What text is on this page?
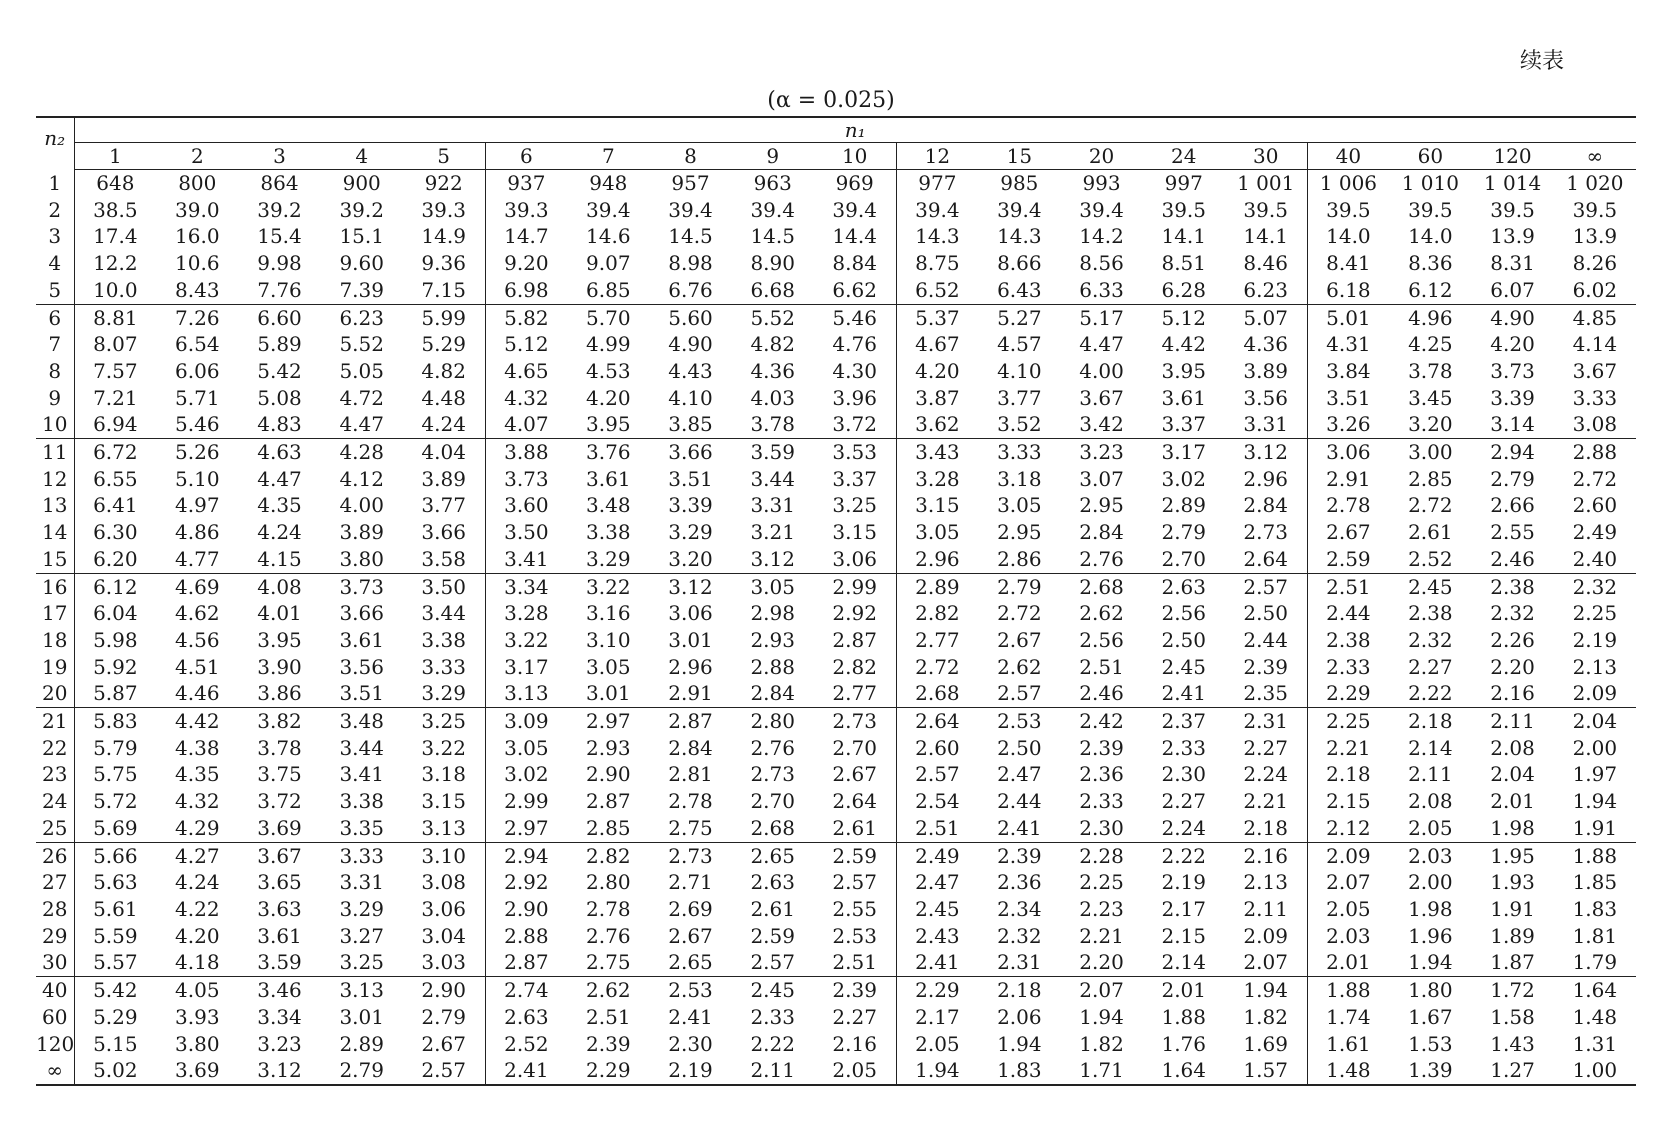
续表
(α = 0.025)
n₂	n₁																		
	1	2	3	4	5	6	7	8	9	10	12	15	20	24	30	40	60	120	∞
1	648	800	864	900	922	937	948	957	963	969	977	985	993	997	1 001	1 006	1 010	1 014	1 020
2	38.5	39.0	39.2	39.2	39.3	39.3	39.4	39.4	39.4	39.4	39.4	39.4	39.4	39.5	39.5	39.5	39.5	39.5	39.5
3	17.4	16.0	15.4	15.1	14.9	14.7	14.6	14.5	14.5	14.4	14.3	14.3	14.2	14.1	14.1	14.0	14.0	13.9	13.9
4	12.2	10.6	9.98	9.60	9.36	9.20	9.07	8.98	8.90	8.84	8.75	8.66	8.56	8.51	8.46	8.41	8.36	8.31	8.26
5	10.0	8.43	7.76	7.39	7.15	6.98	6.85	6.76	6.68	6.62	6.52	6.43	6.33	6.28	6.23	6.18	6.12	6.07	6.02
6	8.81	7.26	6.60	6.23	5.99	5.82	5.70	5.60	5.52	5.46	5.37	5.27	5.17	5.12	5.07	5.01	4.96	4.90	4.85
7	8.07	6.54	5.89	5.52	5.29	5.12	4.99	4.90	4.82	4.76	4.67	4.57	4.47	4.42	4.36	4.31	4.25	4.20	4.14
8	7.57	6.06	5.42	5.05	4.82	4.65	4.53	4.43	4.36	4.30	4.20	4.10	4.00	3.95	3.89	3.84	3.78	3.73	3.67
9	7.21	5.71	5.08	4.72	4.48	4.32	4.20	4.10	4.03	3.96	3.87	3.77	3.67	3.61	3.56	3.51	3.45	3.39	3.33
10	6.94	5.46	4.83	4.47	4.24	4.07	3.95	3.85	3.78	3.72	3.62	3.52	3.42	3.37	3.31	3.26	3.20	3.14	3.08
11	6.72	5.26	4.63	4.28	4.04	3.88	3.76	3.66	3.59	3.53	3.43	3.33	3.23	3.17	3.12	3.06	3.00	2.94	2.88
12	6.55	5.10	4.47	4.12	3.89	3.73	3.61	3.51	3.44	3.37	3.28	3.18	3.07	3.02	2.96	2.91	2.85	2.79	2.72
13	6.41	4.97	4.35	4.00	3.77	3.60	3.48	3.39	3.31	3.25	3.15	3.05	2.95	2.89	2.84	2.78	2.72	2.66	2.60
14	6.30	4.86	4.24	3.89	3.66	3.50	3.38	3.29	3.21	3.15	3.05	2.95	2.84	2.79	2.73	2.67	2.61	2.55	2.49
15	6.20	4.77	4.15	3.80	3.58	3.41	3.29	3.20	3.12	3.06	2.96	2.86	2.76	2.70	2.64	2.59	2.52	2.46	2.40
16	6.12	4.69	4.08	3.73	3.50	3.34	3.22	3.12	3.05	2.99	2.89	2.79	2.68	2.63	2.57	2.51	2.45	2.38	2.32
17	6.04	4.62	4.01	3.66	3.44	3.28	3.16	3.06	2.98	2.92	2.82	2.72	2.62	2.56	2.50	2.44	2.38	2.32	2.25
18	5.98	4.56	3.95	3.61	3.38	3.22	3.10	3.01	2.93	2.87	2.77	2.67	2.56	2.50	2.44	2.38	2.32	2.26	2.19
19	5.92	4.51	3.90	3.56	3.33	3.17	3.05	2.96	2.88	2.82	2.72	2.62	2.51	2.45	2.39	2.33	2.27	2.20	2.13
20	5.87	4.46	3.86	3.51	3.29	3.13	3.01	2.91	2.84	2.77	2.68	2.57	2.46	2.41	2.35	2.29	2.22	2.16	2.09
21	5.83	4.42	3.82	3.48	3.25	3.09	2.97	2.87	2.80	2.73	2.64	2.53	2.42	2.37	2.31	2.25	2.18	2.11	2.04
22	5.79	4.38	3.78	3.44	3.22	3.05	2.93	2.84	2.76	2.70	2.60	2.50	2.39	2.33	2.27	2.21	2.14	2.08	2.00
23	5.75	4.35	3.75	3.41	3.18	3.02	2.90	2.81	2.73	2.67	2.57	2.47	2.36	2.30	2.24	2.18	2.11	2.04	1.97
24	5.72	4.32	3.72	3.38	3.15	2.99	2.87	2.78	2.70	2.64	2.54	2.44	2.33	2.27	2.21	2.15	2.08	2.01	1.94
25	5.69	4.29	3.69	3.35	3.13	2.97	2.85	2.75	2.68	2.61	2.51	2.41	2.30	2.24	2.18	2.12	2.05	1.98	1.91
26	5.66	4.27	3.67	3.33	3.10	2.94	2.82	2.73	2.65	2.59	2.49	2.39	2.28	2.22	2.16	2.09	2.03	1.95	1.88
27	5.63	4.24	3.65	3.31	3.08	2.92	2.80	2.71	2.63	2.57	2.47	2.36	2.25	2.19	2.13	2.07	2.00	1.93	1.85
28	5.61	4.22	3.63	3.29	3.06	2.90	2.78	2.69	2.61	2.55	2.45	2.34	2.23	2.17	2.11	2.05	1.98	1.91	1.83
29	5.59	4.20	3.61	3.27	3.04	2.88	2.76	2.67	2.59	2.53	2.43	2.32	2.21	2.15	2.09	2.03	1.96	1.89	1.81
30	5.57	4.18	3.59	3.25	3.03	2.87	2.75	2.65	2.57	2.51	2.41	2.31	2.20	2.14	2.07	2.01	1.94	1.87	1.79
40	5.42	4.05	3.46	3.13	2.90	2.74	2.62	2.53	2.45	2.39	2.29	2.18	2.07	2.01	1.94	1.88	1.80	1.72	1.64
60	5.29	3.93	3.34	3.01	2.79	2.63	2.51	2.41	2.33	2.27	2.17	2.06	1.94	1.88	1.82	1.74	1.67	1.58	1.48
120	5.15	3.80	3.23	2.89	2.67	2.52	2.39	2.30	2.22	2.16	2.05	1.94	1.82	1.76	1.69	1.61	1.53	1.43	1.31
∞	5.02	3.69	3.12	2.79	2.57	2.41	2.29	2.19	2.11	2.05	1.94	1.83	1.71	1.64	1.57	1.48	1.39	1.27	1.00
